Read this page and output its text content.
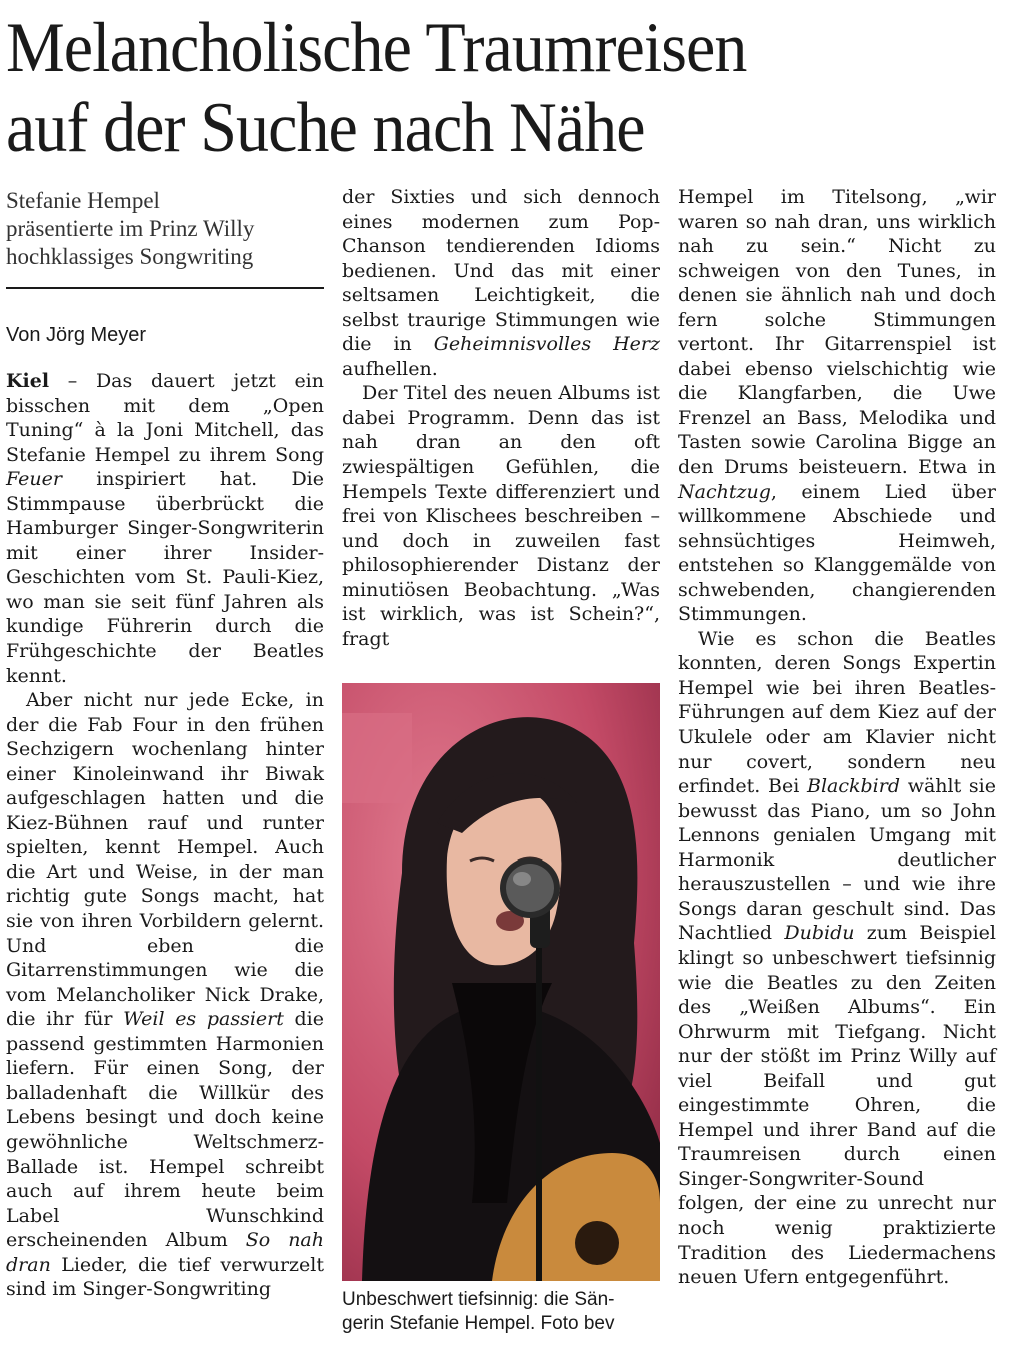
Melancholische Traumreisen
auf der Suche nach Nähe
Stefanie Hempel
präsentierte im Prinz Willy
hochklassiges Songwriting
Von Jörg Meyer

Kiel – Das dauert jetzt ein bisschen mit dem „Open Tuning“ à la Joni Mitchell, das Stefanie Hempel zu ihrem Song Feuer inspiriert hat. Die Stimmpause überbrückt die Hamburger Singer-Songwriterin mit einer ihrer Insider-Geschichten vom St. Pauli-Kiez, wo man sie seit fünf Jahren als kundige Führerin durch die Frühgeschichte der Beatles kennt.

Aber nicht nur jede Ecke, in der die Fab Four in den frühen Sechzigern wochenlang hinter einer Kinoleinwand ihr Biwak aufgeschlagen hatten und die Kiez-Bühnen rauf und runter spielten, kennt Hempel. Auch die Art und Weise, in der man richtig gute Songs macht, hat sie von ihren Vorbildern gelernt. Und eben die Gitarrenstimmungen wie die vom Melancholiker Nick Drake, die ihr für Weil es passiert die passend gestimmten Harmonien liefern. Für einen Song, der balladenhaft die Willkür des Lebens besingt und doch keine gewöhnliche Weltschmerz-Ballade ist. Hempel schreibt auch auf ihrem heute beim Label Wunschkind erscheinenden Album So nah dran Lieder, die tief verwurzelt sind im Singer-Songwriting

der Sixties und sich dennoch eines modernen zum Pop-Chanson tendierenden Idioms bedienen. Und das mit einer seltsamen Leichtigkeit, die selbst traurige Stimmungen wie die in Geheimnisvolles Herz aufhellen.

Der Titel des neuen Albums ist dabei Programm. Denn das ist nah dran an den oft zwiespältigen Gefühlen, die Hempels Texte differenziert und frei von Klischees beschreiben – und doch in zuweilen fast philosophierender Distanz der minutiösen Beobachtung. „Was ist wirklich, was ist Schein?“, fragt

Unbeschwert tiefsinnig: die Sän-
gerin Stefanie Hempel. Foto bev

Hempel im Titelsong, „wir waren so nah dran, uns wirklich nah zu sein.“ Nicht zu schweigen von den Tunes, in denen sie ähnlich nah und doch fern solche Stimmungen vertont. Ihr Gitarrenspiel ist dabei ebenso vielschichtig wie die Klangfarben, die Uwe Frenzel an Bass, Melodika und Tasten sowie Carolina Bigge an den Drums beisteuern. Etwa in Nachtzug, einem Lied über willkommene Abschiede und sehnsüchtiges Heimweh, entstehen so Klanggemälde von schwebenden, changierenden Stimmungen.

Wie es schon die Beatles konnten, deren Songs Expertin Hempel wie bei ihren Beatles-Führungen auf dem Kiez auf der Ukulele oder am Klavier nicht nur covert, sondern neu erfindet. Bei Blackbird wählt sie bewusst das Piano, um so John Lennons genialen Umgang mit Harmonik deutlicher herauszustellen – und wie ihre Songs daran geschult sind. Das Nachtlied Dubidu zum Beispiel klingt so unbeschwert tiefsinnig wie die Beatles zu den Zeiten des „Weißen Albums“. Ein Ohrwurm mit Tiefgang. Nicht nur der stößt im Prinz Willy auf viel Beifall und gut eingestimmte Ohren, die Hempel und ihrer Band auf die Traumreisen durch einen Singer-Songwriter-Sound folgen, der eine zu unrecht nur noch wenig praktizierte Tradition des Liedermachens neuen Ufern entgegenführt.
